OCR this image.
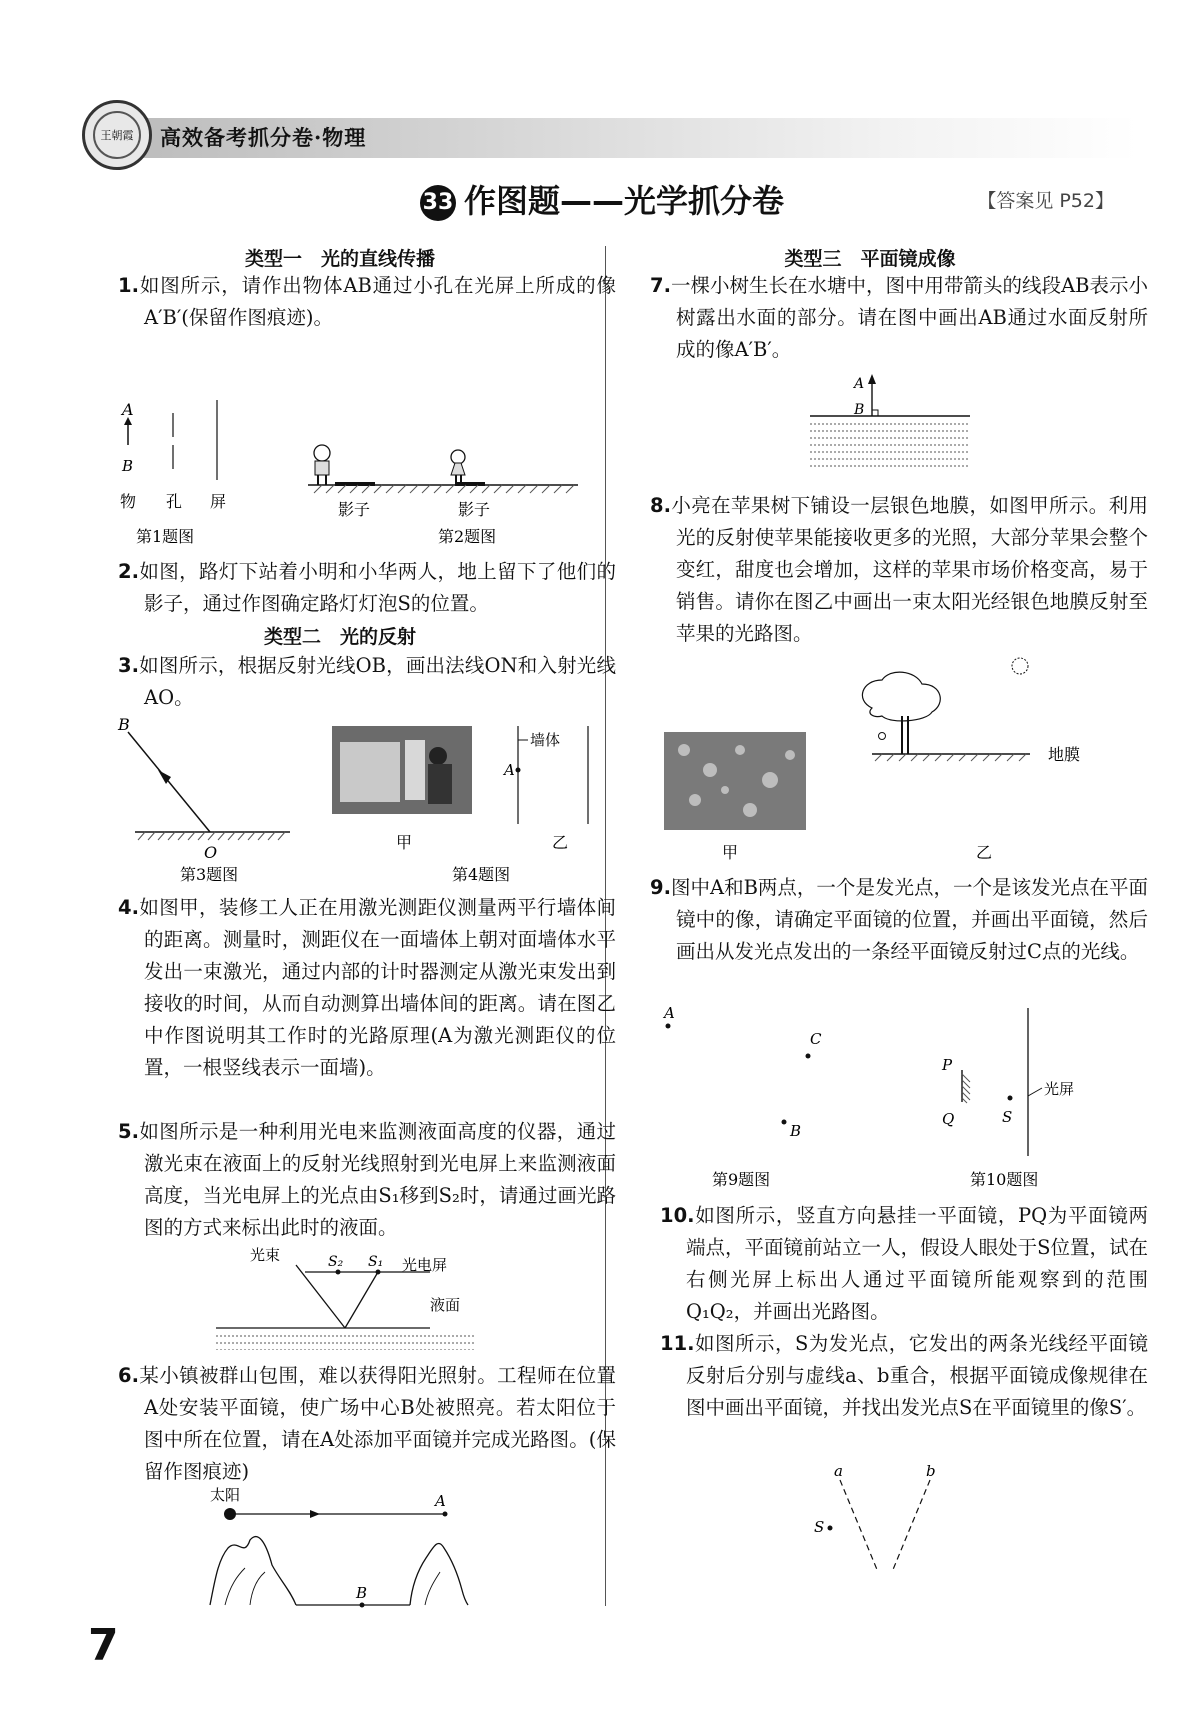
王朝霞 高效备考抓分卷·物理
33 作图题——光学抓分卷	【答案见 P52】
类型一　光的直线传播
1.如图所示，请作出物体AB通过小孔在光屏上所成的像A′B′(保留作图痕迹)。
A
B
物 孔 屏
第1题图
影子	影子
第2题图
2.如图，路灯下站着小明和小华两人，地上留下了他们的影子，通过作图确定路灯灯泡S的位置。
类型二　光的反射
3.如图所示，根据反射光线OB，画出法线ON和入射光线AO。
B
O
第3题图
甲
墙体
A
乙
第4题图
4.如图甲，装修工人正在用激光测距仪测量两平行墙体间的距离。测量时，测距仪在一面墙体上朝对面墙体水平发出一束激光，通过内部的计时器测定从激光束发出到接收的时间，从而自动测算出墙体间的距离。请在图乙中作图说明其工作时的光路原理(A为激光测距仪的位置，一根竖线表示一面墙)。
5.如图所示是一种利用光电来监测液面高度的仪器，通过激光束在液面上的反射光线照射到光电屏上来监测液面高度，当光电屏上的光点由S₁移到S₂时，请通过画光路图的方式来标出此时的液面。
光束	S₂ S₁ 光电屏
液面
6.某小镇被群山包围，难以获得阳光照射。工程师在位置A处安装平面镜，使广场中心B处被照亮。若太阳位于图中所在位置，请在A处添加平面镜并完成光路图。(保留作图痕迹)
太阳	A
B
类型三　平面镜成像
7.一棵小树生长在水塘中，图中用带箭头的线段AB表示小树露出水面的部分。请在图中画出AB通过水面反射所成的像A′B′。
A
B
8.小亮在苹果树下铺设一层银色地膜，如图甲所示。利用光的反射使苹果能接收更多的光照，大部分苹果会整个变红，甜度也会增加，这样的苹果市场价格变高，易于销售。请你在图乙中画出一束太阳光经银色地膜反射至苹果的光路图。
甲
地膜
乙
9.图中A和B两点，一个是发光点，一个是该发光点在平面镜中的像，请确定平面镜的位置，并画出平面镜，然后画出从发光点发出的一条经平面镜反射过C点的光线。
A
C
B
第9题图
P
Q	S
光屏
第10题图
10.如图所示，竖直方向悬挂一平面镜，PQ为平面镜两端点，平面镜前站立一人，假设人眼处于S位置，试在右侧光屏上标出人通过平面镜所能观察到的范围Q₁Q₂，并画出光路图。
11.如图所示，S为发光点，它发出的两条光线经平面镜反射后分别与虚线a、b重合，根据平面镜成像规律在图中画出平面镜，并找出发光点S在平面镜里的像S′。
a	b
S
7
